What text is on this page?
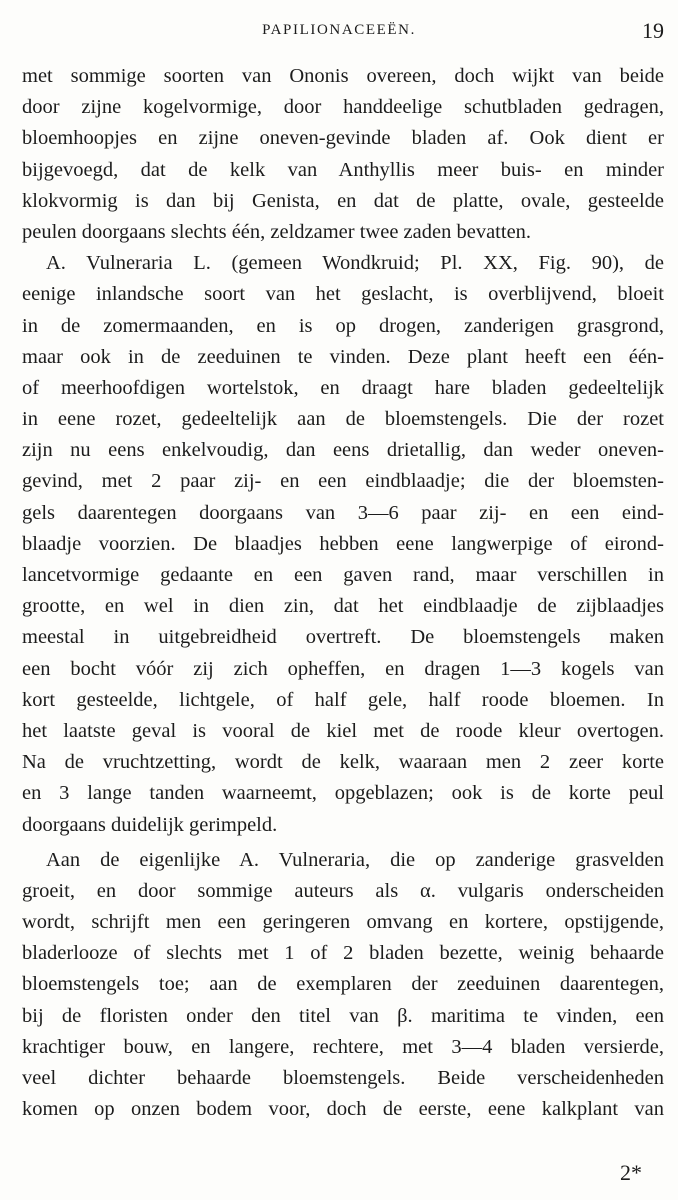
PAPILIONACEEËN.	19
met sommige soorten van Ononis overeen, doch wijkt van beide
door zijne kogelvormige, door handdeelige schutbladen gedragen,
bloemhoopjes en zijne oneven-gevinde bladen af. Ook dient er
bijgevoegd, dat de kelk van Anthyllis meer buis- en minder
klokvormig is dan bij Genista, en dat de platte, ovale, gesteelde
peulen doorgaans slechts één, zeldzamer twee zaden bevatten.
A. Vulneraria L. (gemeen Wondkruid; Pl. XX, Fig. 90), de
eenige inlandsche soort van het geslacht, is overblijvend, bloeit
in de zomermaanden, en is op drogen, zanderigen grasgrond,
maar ook in de zeeduinen te vinden. Deze plant heeft een één-
of meerhoofdigen wortelstok, en draagt hare bladen gedeeltelijk
in eene rozet, gedeeltelijk aan de bloemstengels. Die der rozet
zijn nu eens enkelvoudig, dan eens drietallig, dan weder oneven-
gevind, met 2 paar zij- en een eindblaadje; die der bloemsten-
gels daarentegen doorgaans van 3—6 paar zij- en een eind-
blaadje voorzien. De blaadjes hebben eene langwerpige of eirond-
lancetvormige gedaante en een gaven rand, maar verschillen in
grootte, en wel in dien zin, dat het eindblaadje de zijblaadjes
meestal in uitgebreidheid overtreft. De bloemstengels maken
een bocht vóór zij zich opheffen, en dragen 1—3 kogels van
kort gesteelde, lichtgele, of half gele, half roode bloemen. In
het laatste geval is vooral de kiel met de roode kleur overtogen.
Na de vruchtzetting, wordt de kelk, waaraan men 2 zeer korte
en 3 lange tanden waarneemt, opgeblazen; ook is de korte peul
doorgaans duidelijk gerimpeld.
Aan de eigenlijke A. Vulneraria, die op zanderige grasvelden
groeit, en door sommige auteurs als α. vulgaris onderscheiden
wordt, schrijft men een geringeren omvang en kortere, opstijgende,
bladerlooze of slechts met 1 of 2 bladen bezette, weinig behaarde
bloemstengels toe; aan de exemplaren der zeeduinen daarentegen,
bij de floristen onder den titel van β. maritima te vinden, een
krachtiger bouw, en langere, rechtere, met 3—4 bladen versierde,
veel dichter behaarde bloemstengels. Beide verscheidenheden
komen op onzen bodem voor, doch de eerste, eene kalkplant van
2*
